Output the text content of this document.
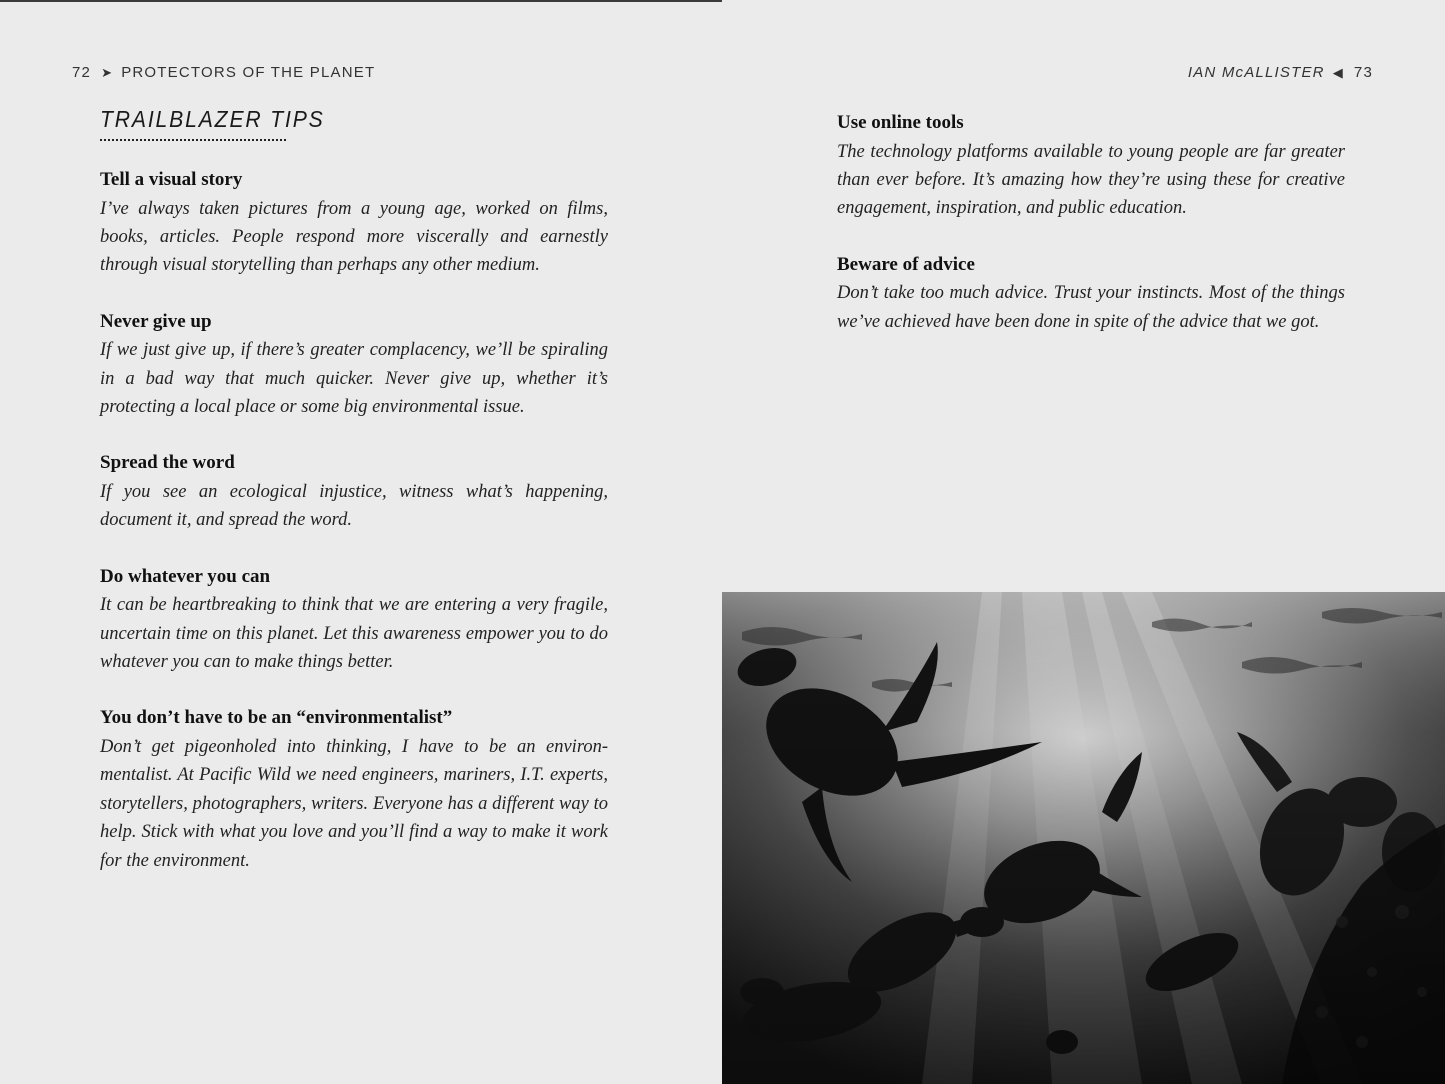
72 ➤ PROTECTORS OF THE PLANET
TRAILBLAZER TIPS

Tell a visual story

I’ve always taken pictures from a young age, worked on films, books, articles. People respond more viscerally and earnestly through visual storytelling than perhaps any other medium.

Never give up

If we just give up, if there’s greater complacency, we’ll be spiraling in a bad way that much quicker. Never give up, whether it’s protecting a local place or some big environmental issue.

Spread the word

If you see an ecological injustice, witness what’s happening, document it, and spread the word.

Do whatever you can

It can be heartbreaking to think that we are entering a very fragile, uncertain time on this planet. Let this awareness empower you to do whatever you can to make things better.

You don’t have to be an “environmentalist”

Don’t get pigeonholed into thinking, I have to be an environ-mentalist. At Pacific Wild we need engineers, mariners, I.T. experts, storytellers, photographers, writers. Everyone has a different way to help. Stick with what you love and you’ll find a way to make it work for the environment.

IAN McALLISTER ◀ 73

Use online tools

The technology platforms available to young people are far greater than ever before. It’s amazing how they’re using these for creative engagement, inspiration, and public education.

Beware of advice

Don’t take too much advice. Trust your instincts. Most of the things we’ve achieved have been done in spite of the advice that we got.
